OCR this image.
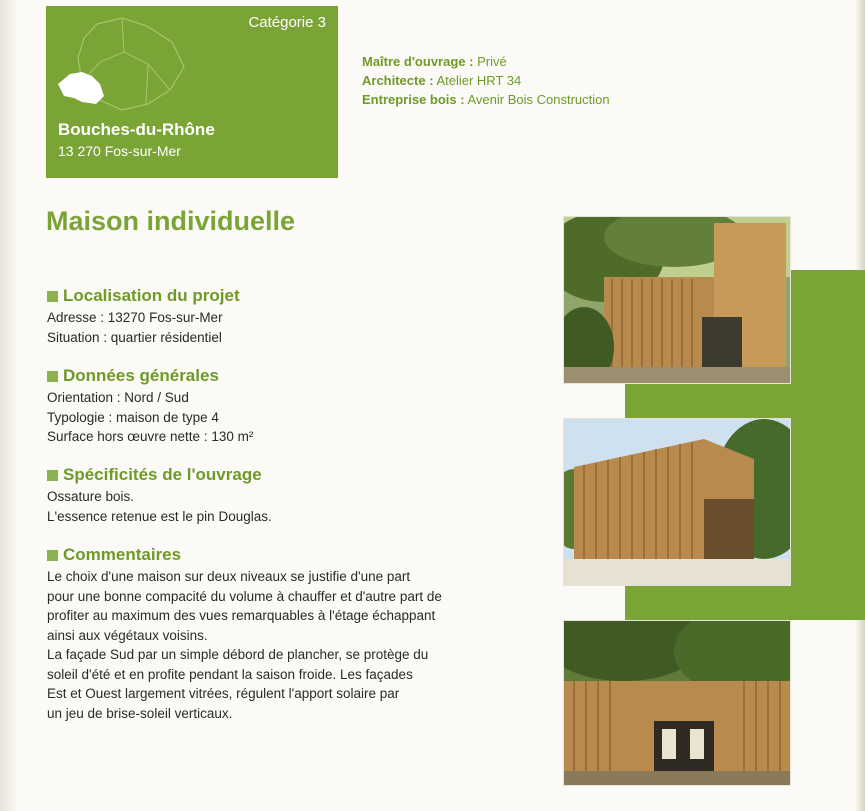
Catégorie 3
Bouches-du-Rhône
13 270 Fos-sur-Mer
Maître d'ouvrage : Privé
Architecte : Atelier HRT 34
Entreprise bois : Avenir Bois Construction
Maison individuelle
Localisation du projet

Adresse : 13270 Fos-sur-Mer

Situation : quartier résidentiel

Données générales

Orientation : Nord / Sud

Typologie : maison de type 4

Surface hors œuvre nette : 130 m²

Spécificités de l'ouvrage

Ossature bois.

L'essence retenue est le pin Douglas.

Commentaires

Le choix d'une maison sur deux niveaux se justifie d'une part

pour une bonne compacité du volume à chauffer et d'autre part de

profiter au maximum des vues remarquables à l'étage échappant

ainsi aux végétaux voisins.

La façade Sud par un simple débord de plancher, se protège du

soleil d'été et en profite pendant la saison froide. Les façades

Est et Ouest largement vitrées, régulent l'apport solaire par

un jeu de brise-soleil verticaux.
